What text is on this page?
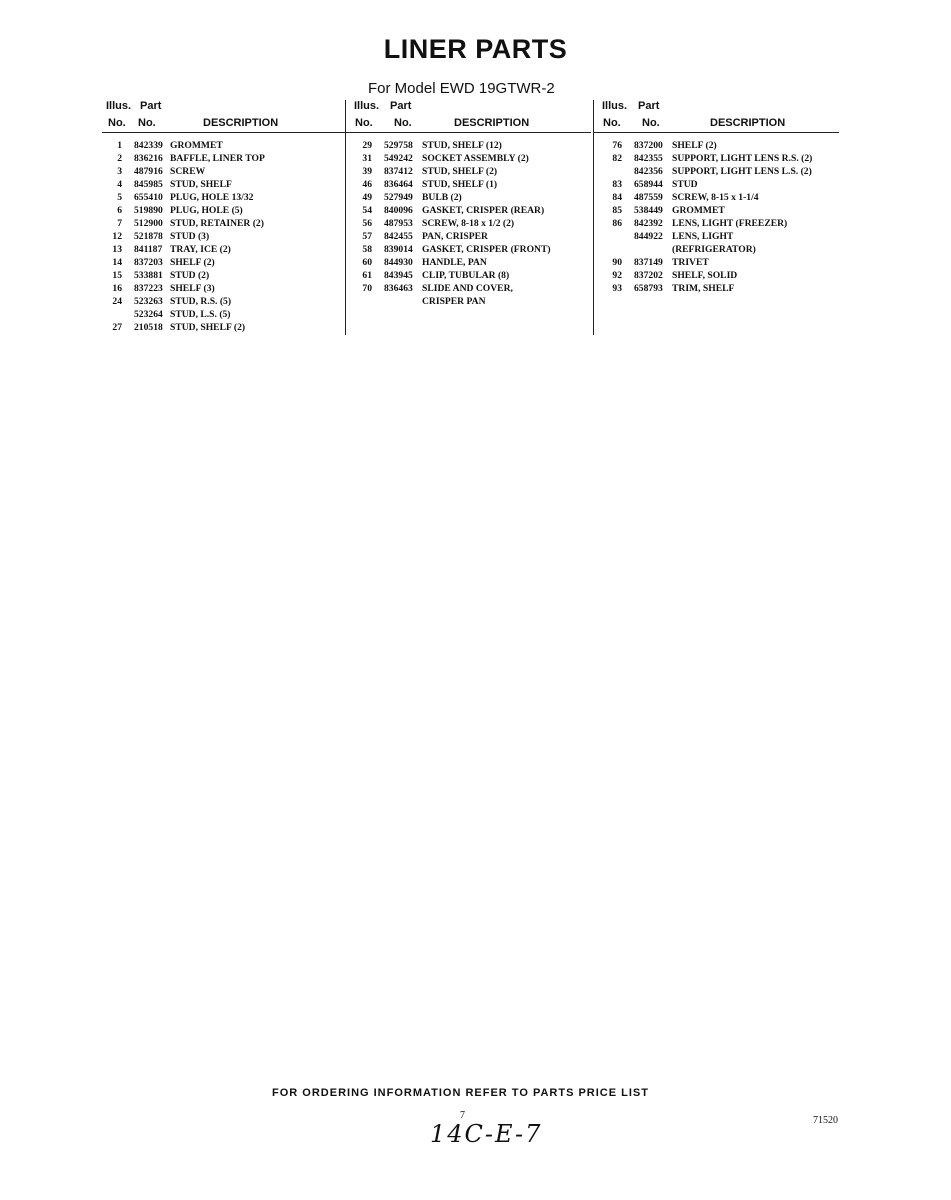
LINER PARTS

For Model EWD 19GTWR-2

Illus. Part
No. No.	DESCRIPTION
1	842339 GROMMET
2	836216 BAFFLE, LINER TOP
3	487916 SCREW
4	845985 STUD, SHELF
5	655410 PLUG, HOLE 13/32
6	519890 PLUG, HOLE (5)
7	512900 STUD, RETAINER (2)
12	521878 STUD (3)
13	841187 TRAY, ICE (2)
14	837203 SHELF (2)
15	533881 STUD (2)
16	837223 SHELF (3)
24	523263 STUD, R.S. (5)
523264 STUD, L.S. (5)
27	210518 STUD, SHELF (2)
Illus. Part
No. No.	DESCRIPTION
29	529758 STUD, SHELF (12)
31	549242 SOCKET ASSEMBLY (2)
39	837412 STUD, SHELF (2)
46	836464 STUD, SHELF (1)
49	527949 BULB (2)
54	840096 GASKET, CRISPER (REAR)
56	487953 SCREW, 8-18 x 1/2 (2)
57	842455 PAN, CRISPER
58	839014 GASKET, CRISPER (FRONT)
60	844930 HANDLE, PAN
61	843945 CLIP, TUBULAR (8)
70	836463 SLIDE AND COVER,
CRISPER PAN
Illus. Part
No. No.	DESCRIPTION
76	837200 SHELF (2)
82	842355 SUPPORT, LIGHT LENS R.S. (2)
842356 SUPPORT, LIGHT LENS L.S. (2)
83	658944 STUD
84	487559 SCREW, 8-15 x 1-1/4
85	538449 GROMMET
86	842392 LENS, LIGHT (FREEZER)
844922 LENS, LIGHT
(REFRIGERATOR)
90	837149 TRIVET
92	837202 SHELF, SOLID
93	658793 TRIM, SHELF

FOR ORDERING INFORMATION REFER TO PARTS PRICE LIST

7
14C-E-7	71520
